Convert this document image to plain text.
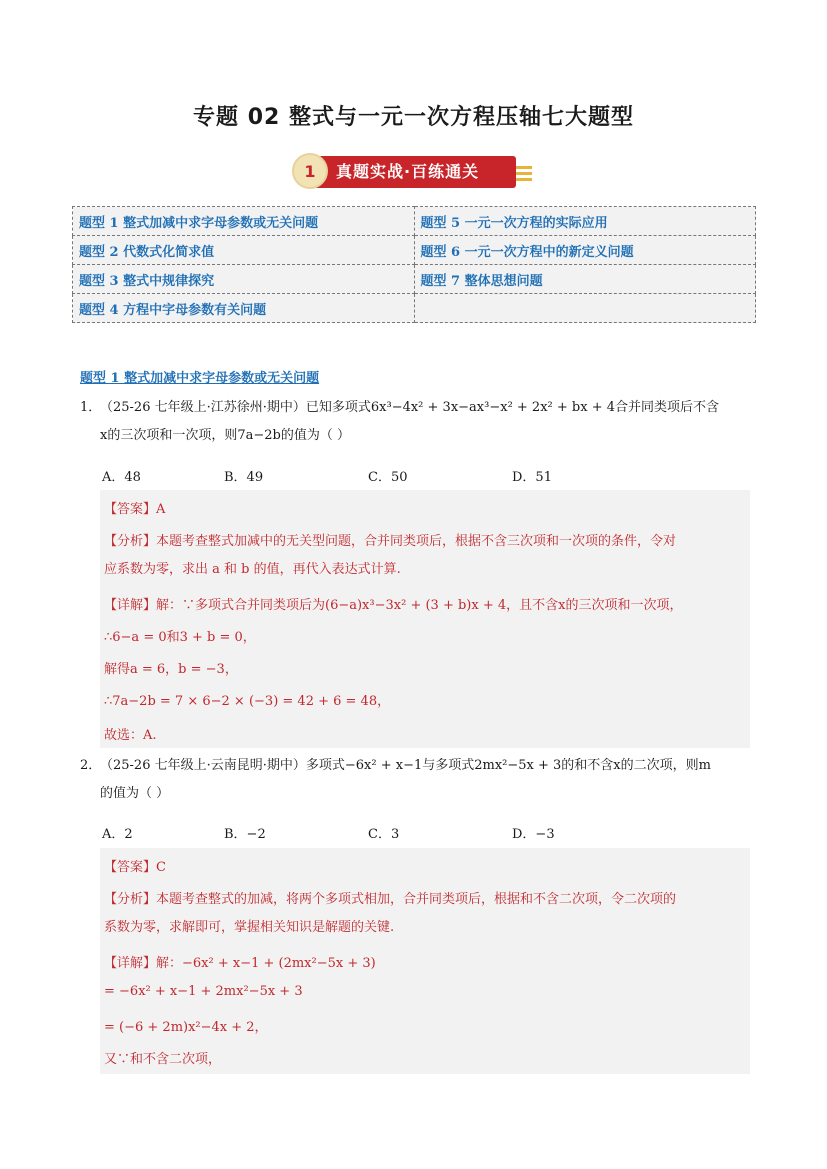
专题 02 整式与一元一次方程压轴七大题型
1	真题实战·百练通关
题型 1 整式加减中求字母参数或无关问题	题型 5 一元一次方程的实际应用
题型 2 代数式化简求值	题型 6 一元一次方程中的新定义问题
题型 3 整式中规律探究	题型 7 整体思想问题
题型 4 方程中字母参数有关问题	
题型 1 整式加减中求字母参数或无关问题
1．（25-26 七年级上·江苏徐州·期中）已知多项式6x³−4x² + 3x−ax³−x² + 2x² + bx + 4合并同类项后不含
x的三次项和一次项，则7a−2b的值为（ ）
A．48	B．49	C．50	D．51
【答案】A
【分析】本题考查整式加减中的无关型问题，合并同类项后，根据不含三次项和一次项的条件，令对
应系数为零，求出 a 和 b 的值，再代入表达式计算.
【详解】解：∵多项式合并同类项后为(6−a)x³−3x² + (3 + b)x + 4，且不含x的三次项和一次项，
∴6−a = 0和3 + b = 0，
解得a = 6，b = −3，
∴7a−2b = 7 × 6−2 × (−3) = 42 + 6 = 48，
故选：A.
2．（25-26 七年级上·云南昆明·期中）多项式−6x² + x−1与多项式2mx²−5x + 3的和不含x的二次项，则m
的值为（ ）
A．2	B．−2	C．3	D．−3
【答案】C
【分析】本题考查整式的加减，将两个多项式相加，合并同类项后，根据和不含二次项，令二次项的
系数为零，求解即可，掌握相关知识是解题的关键.
【详解】解：−6x² + x−1 + (2mx²−5x + 3)
= −6x² + x−1 + 2mx²−5x + 3
= (−6 + 2m)x²−4x + 2，
又∵和不含二次项，
